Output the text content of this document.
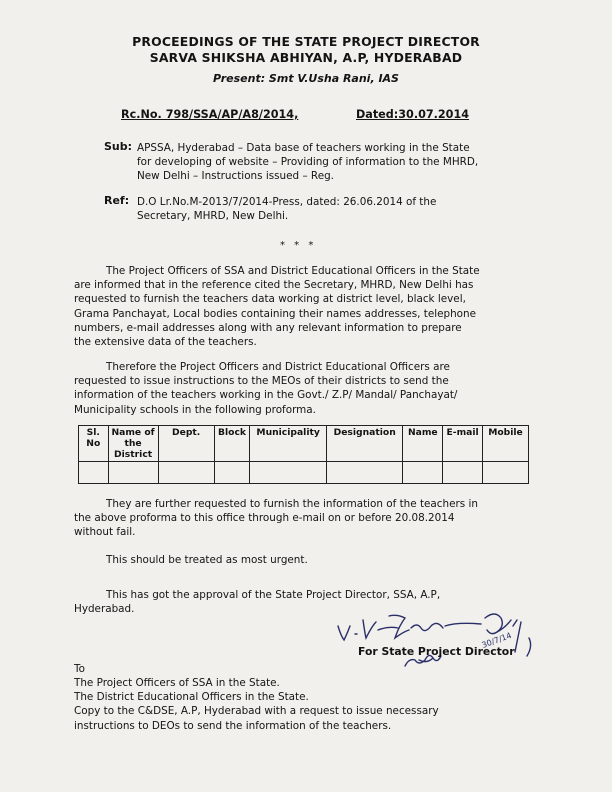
PROCEEDINGS OF THE STATE PROJECT DIRECTOR
SARVA SHIKSHA ABHIYAN, A.P, HYDERABAD
Present: Smt V.Usha Rani, IAS
Rc.No. 798/SSA/AP/A8/2014,	Dated:30.07.2014
Sub: APSSA, Hyderabad – Data base of teachers working in the State
for developing of website – Providing of information to the MHRD,
New Delhi – Instructions issued – Reg.
Ref: D.O Lr.No.M-2013/7/2014-Press, dated: 26.06.2014 of the
Secretary, MHRD, New Delhi.
* * *
The Project Officers of SSA and District Educational Officers in the State
are informed that in the reference cited the Secretary, MHRD, New Delhi has
requested to furnish the teachers data working at district level, black level,
Grama Panchayat, Local bodies containing their names addresses, telephone
numbers, e-mail addresses along with any relevant information to prepare
the extensive data of the teachers.
Therefore the Project Officers and District Educational Officers are
requested to issue instructions to the MEOs of their districts to send the
information of the teachers working in the Govt./ Z.P/ Mandal/ Panchayat/
Municipality schools in the following proforma.
Sl. No	Name of the District	Dept.	Block	Municipality	Designation	Name	E-mail	Mobile

They are further requested to furnish the information of the teachers in
the above proforma to this office through e-mail on or before 20.08.2014
without fail.
This should be treated as most urgent.
This has got the approval of the State Project Director, SSA, A.P,
Hyderabad.
30/7/14
For State Project Director
To
The Project Officers of SSA in the State.
The District Educational Officers in the State.
Copy to the C&DSE, A.P, Hyderabad with a request to issue necessary
instructions to DEOs to send the information of the teachers.
